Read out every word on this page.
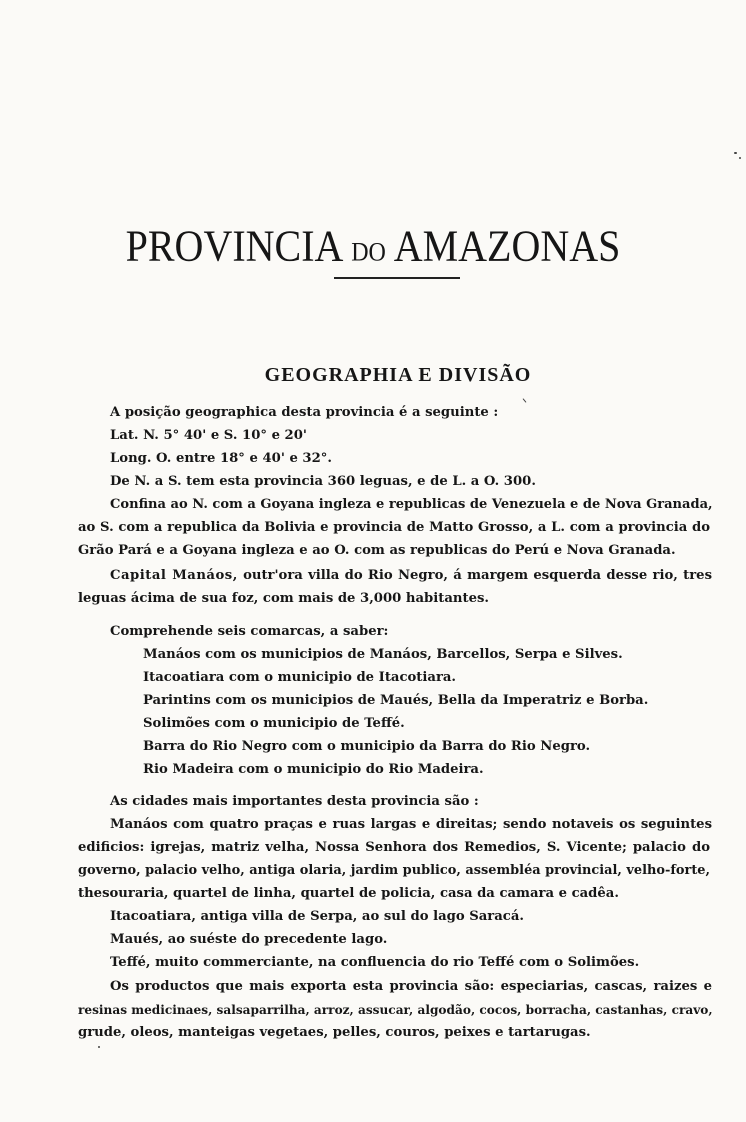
PROVINCIA DO AMAZONAS
GEOGRAPHIA E DIVISÃO
A posição geographica desta provincia é a seguinte :
Lat. N. 5° 40' e S. 10° e 20'
Long. O. entre 18° e 40' e 32°.
De N. a S. tem esta provincia 360 leguas, e de L. a O. 300.
Confina ao N. com a Goyana ingleza e republicas de Venezuela e de Nova Granada,
ao S. com a republica da Bolivia e provincia de Matto Grosso, a L. com a provincia do
Grão Pará e a Goyana ingleza e ao O. com as republicas do Perú e Nova Granada.
Capital Manáos, outr'ora villa do Rio Negro, á margem esquerda desse rio, tres
leguas ácima de sua foz, com mais de 3,000 habitantes.
Comprehende seis comarcas, a saber:
Manáos com os municipios de Manáos, Barcellos, Serpa e Silves.
Itacoatiara com o municipio de Itacotiara.
Parintins com os municipios de Maués, Bella da Imperatriz e Borba.
Solimões com o municipio de Teffé.
Barra do Rio Negro com o municipio da Barra do Rio Negro.
Rio Madeira com o municipio do Rio Madeira.
As cidades mais importantes desta provincia são :
Manáos com quatro praças e ruas largas e direitas; sendo notaveis os seguintes
edificios: igrejas, matriz velha, Nossa Senhora dos Remedios, S. Vicente; palacio do
governo, palacio velho, antiga olaria, jardim publico, assembléa provincial, velho-forte,
thesouraria, quartel de linha, quartel de policia, casa da camara e cadêa.
Itacoatiara, antiga villa de Serpa, ao sul do lago Saracá.
Maués, ao suéste do precedente lago.
Teffé, muito commerciante, na confluencia do rio Teffé com o Solimões.
Os productos que mais exporta esta provincia são: especiarias, cascas, raizes e
resinas medicinaes, salsaparrilha, arroz, assucar, algodão, cocos, borracha, castanhas, cravo,
grude, oleos, manteigas vegetaes, pelles, couros, peixes e tartarugas.
